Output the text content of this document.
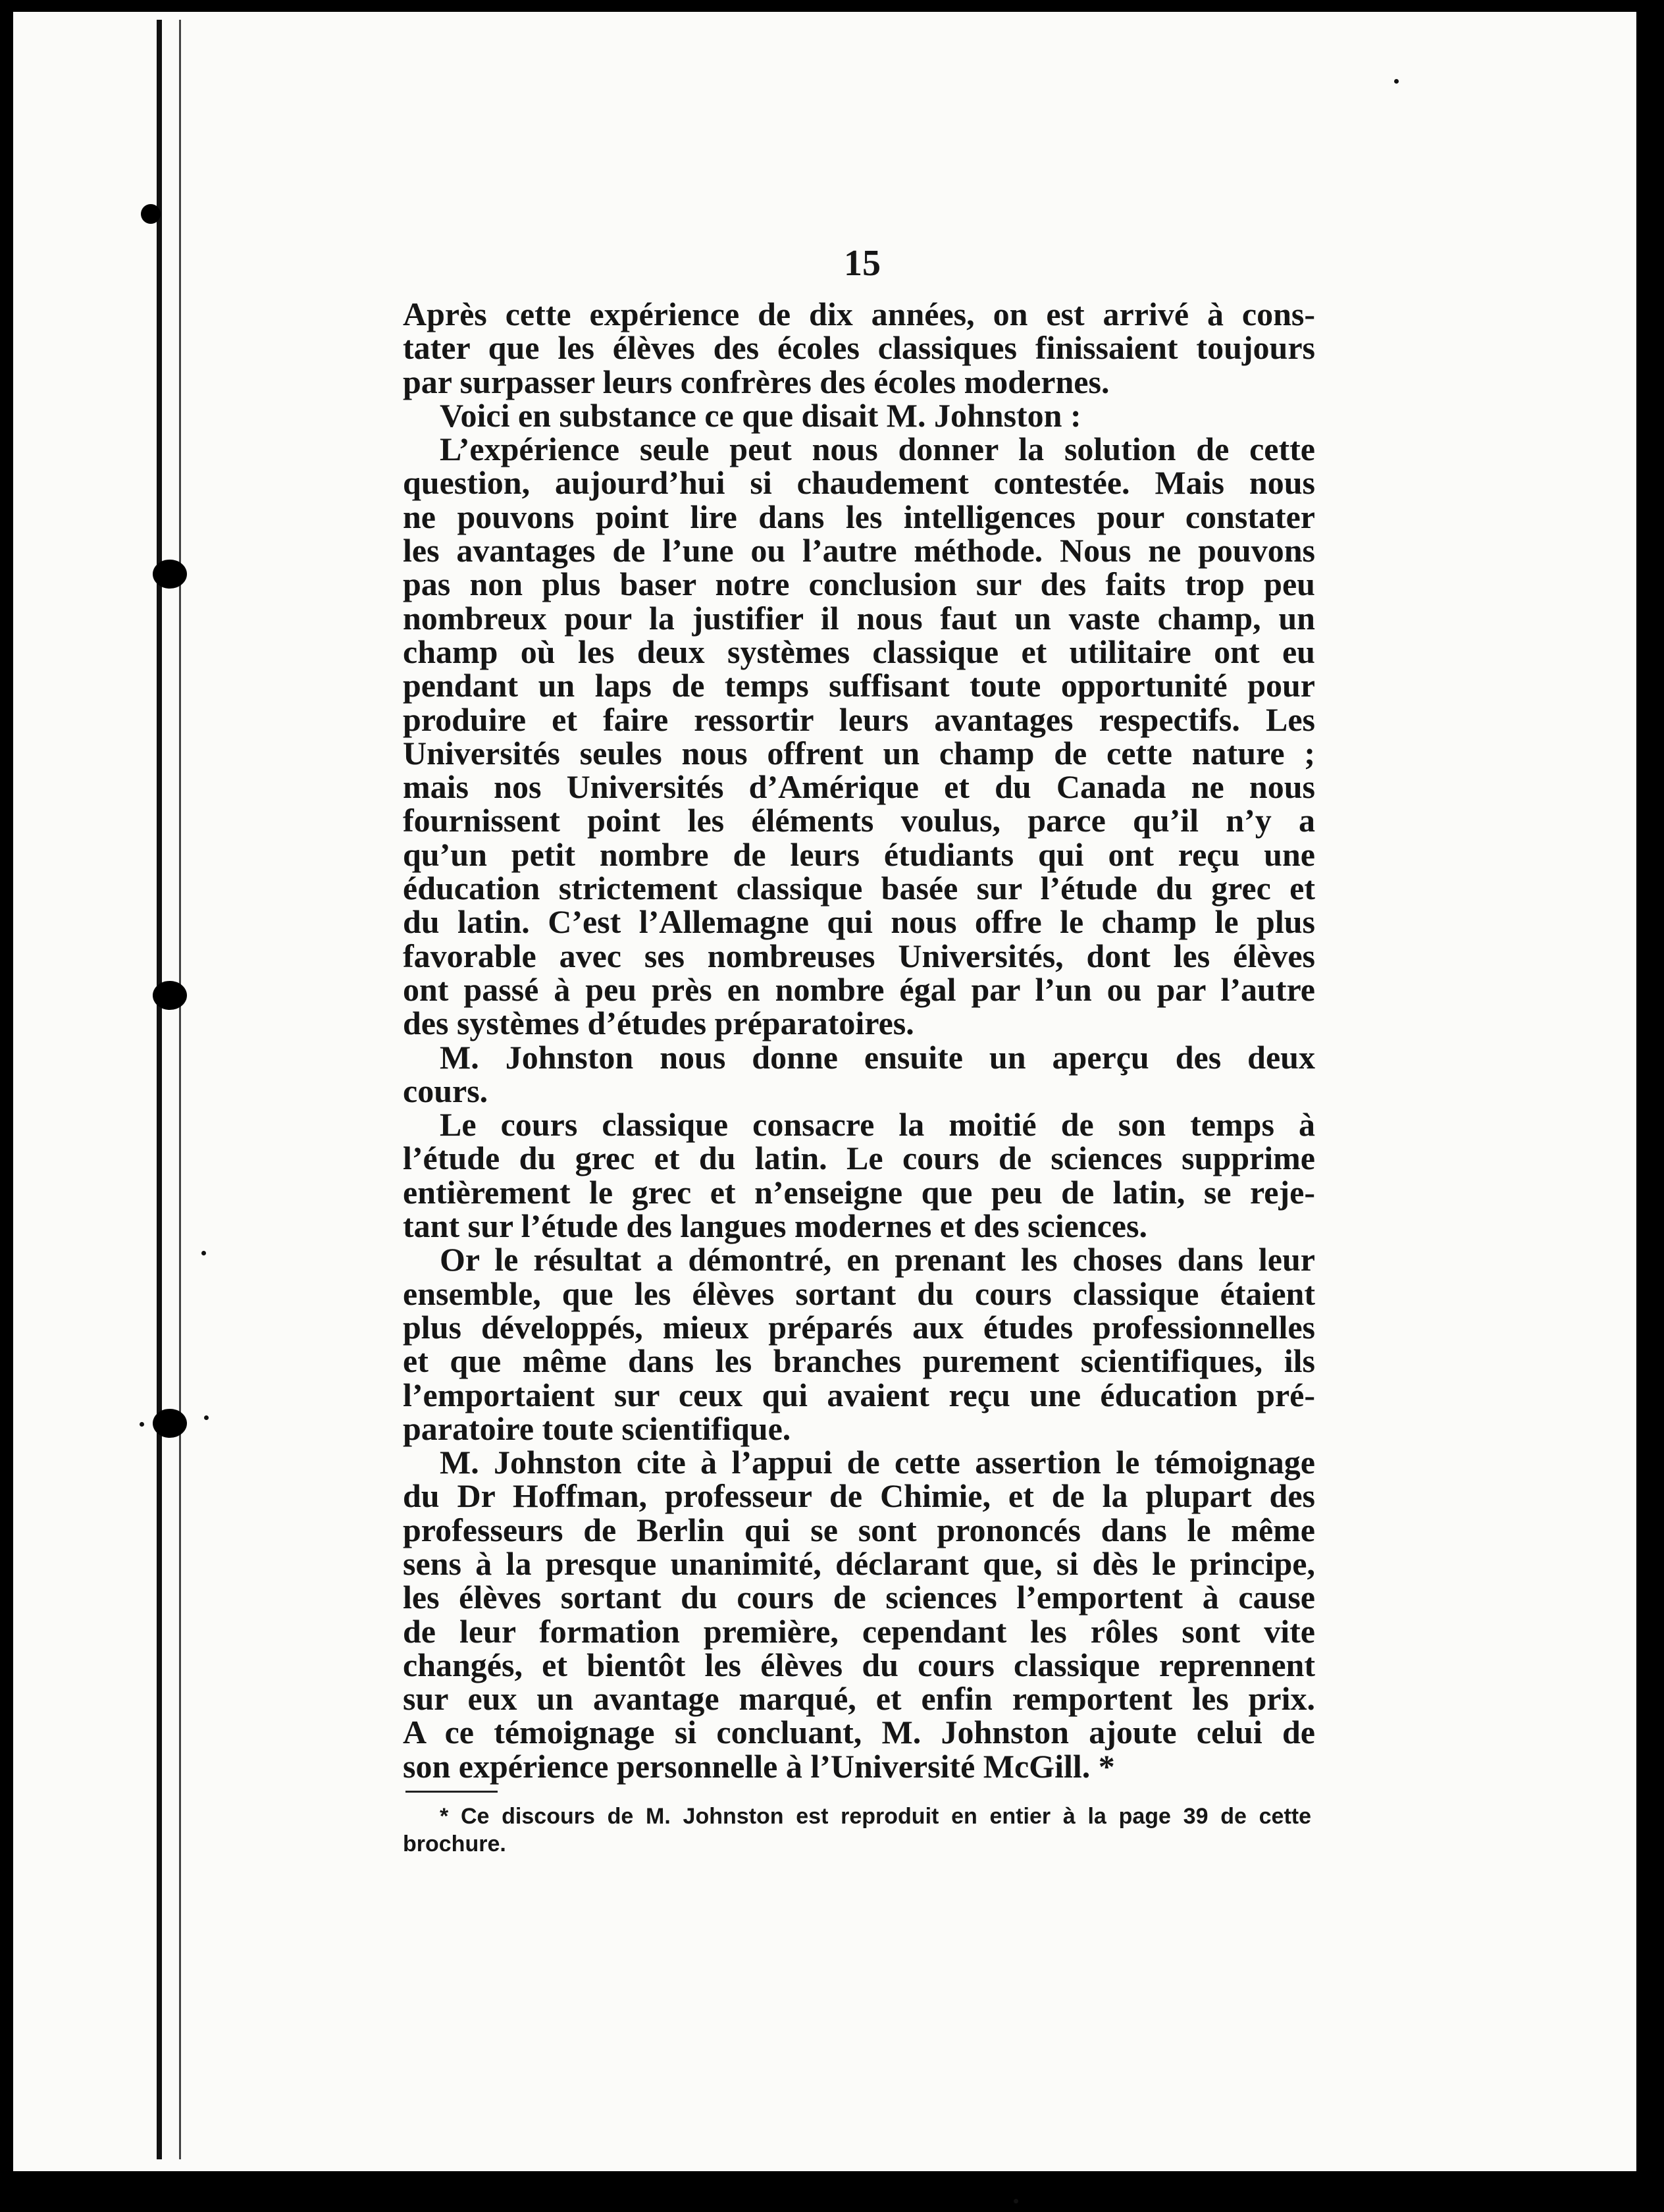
15
Après cette expérience de dix années, on est arrivé à cons-
tater que les élèves des écoles classiques finissaient toujours
par surpasser leurs confrères des écoles modernes.
Voici en substance ce que disait M. Johnston :
L’expérience seule peut nous donner la solution de cette
question, aujourd’hui si chaudement contestée. Mais nous
ne pouvons point lire dans les intelligences pour constater
les avantages de l’une ou l’autre méthode. Nous ne pouvons
pas non plus baser notre conclusion sur des faits trop peu
nombreux pour la justifier il nous faut un vaste champ, un
champ où les deux systèmes classique et utilitaire ont eu
pendant un laps de temps suffisant toute opportunité pour
produire et faire ressortir leurs avantages respectifs. Les
Universités seules nous offrent un champ de cette nature ;
mais nos Universités d’Amérique et du Canada ne nous
fournissent point les éléments voulus, parce qu’il n’y a
qu’un petit nombre de leurs étudiants qui ont reçu une
éducation strictement classique basée sur l’étude du grec et
du latin. C’est l’Allemagne qui nous offre le champ le plus
favorable avec ses nombreuses Universités, dont les élèves
ont passé à peu près en nombre égal par l’un ou par l’autre
des systèmes d’études préparatoires.
M. Johnston nous donne ensuite un aperçu des deux
cours.
Le cours classique consacre la moitié de son temps à
l’étude du grec et du latin. Le cours de sciences supprime
entièrement le grec et n’enseigne que peu de latin, se reje-
tant sur l’étude des langues modernes et des sciences.
Or le résultat a démontré, en prenant les choses dans leur
ensemble, que les élèves sortant du cours classique étaient
plus développés, mieux préparés aux études professionnelles
et que même dans les branches purement scientifiques, ils
l’emportaient sur ceux qui avaient reçu une éducation pré-
paratoire toute scientifique.
M. Johnston cite à l’appui de cette assertion le témoignage
du Dr Hoffman, professeur de Chimie, et de la plupart des
professeurs de Berlin qui se sont prononcés dans le même
sens à la presque unanimité, déclarant que, si dès le principe,
les élèves sortant du cours de sciences l’emportent à cause
de leur formation première, cependant les rôles sont vite
changés, et bientôt les élèves du cours classique reprennent
sur eux un avantage marqué, et enfin remportent les prix.
A ce témoignage si concluant, M. Johnston ajoute celui de
son expérience personnelle à l’Université McGill. *
* Ce discours de M. Johnston est reproduit en entier à la page 39 de cette
brochure.
